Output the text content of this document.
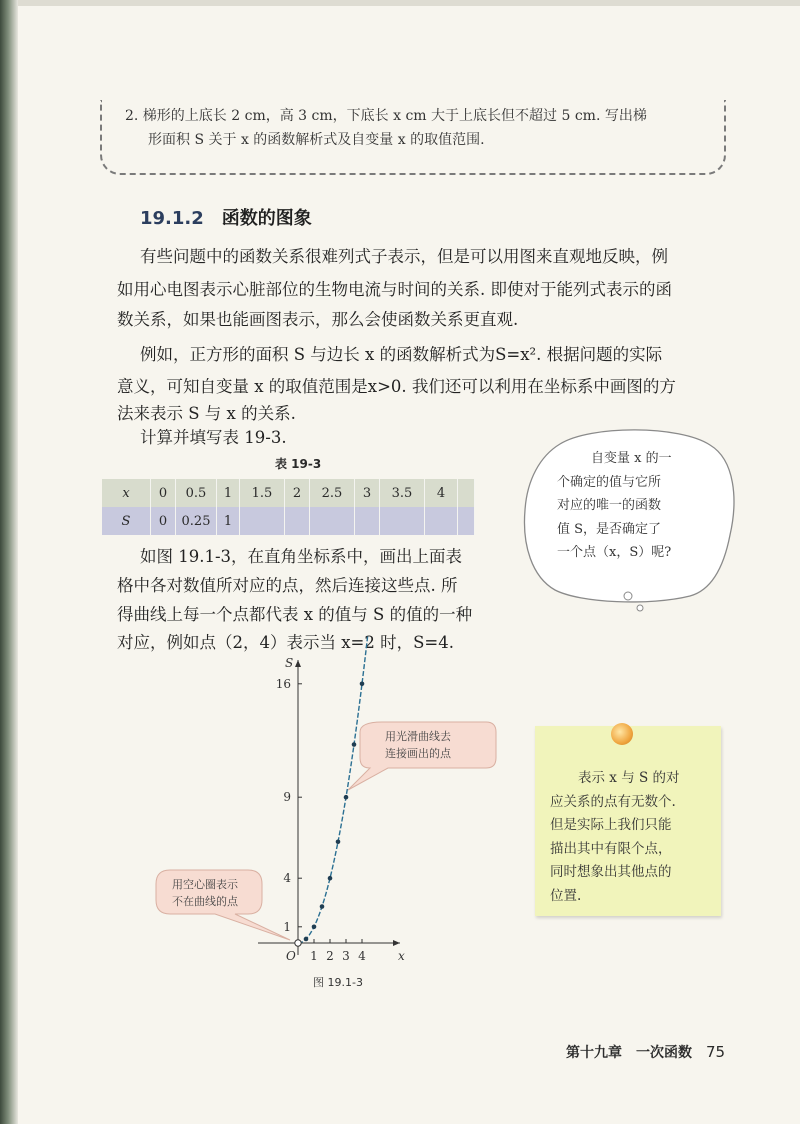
2. 梯形的上底长 2 cm，高 3 cm，下底长 x cm 大于上底长但不超过 5 cm. 写出梯
形面积 S 关于 x 的函数解析式及自变量 x 的取值范围.
19.1.2 函数的图象
有些问题中的函数关系很难列式子表示，但是可以用图来直观地反映，例
如用心电图表示心脏部位的生物电流与时间的关系. 即使对于能列式表示的函
数关系，如果也能画图表示，那么会使函数关系更直观.
例如，正方形的面积 S 与边长 x 的函数解析式为S=x². 根据问题的实际
意义，可知自变量 x 的取值范围是x>0. 我们还可以利用在坐标系中画图的方
法来表示 S 与 x 的关系.
计算并填写表 19-3.
表 19-3
x	0	0.5	1	1.5	2	2.5	3	3.5	4	
S	0	0.25	1							
如图 19.1-3，在直角坐标系中，画出上面表
格中各对数值所对应的点，然后连接这些点. 所
得曲线上每一个点都代表 x 的值与 S 的值的一种
对应，例如点（2，4）表示当 x=2 时，S=4.
1 2 3 4
1
4
9
16
O	x
S
自变量 x 的一
个确定的值与它所
对应的唯一的函数
值 S，是否确定了
一个点（x，S）呢?
表示 x 与 S 的对
应关系的点有无数个.
但是实际上我们只能
描出其中有限个点，
同时想象出其他点的
位置.
用光滑曲线去
连接画出的点
用空心圈表示
不在曲线的点
图 19.1-3
第十九章　一次函数 75
